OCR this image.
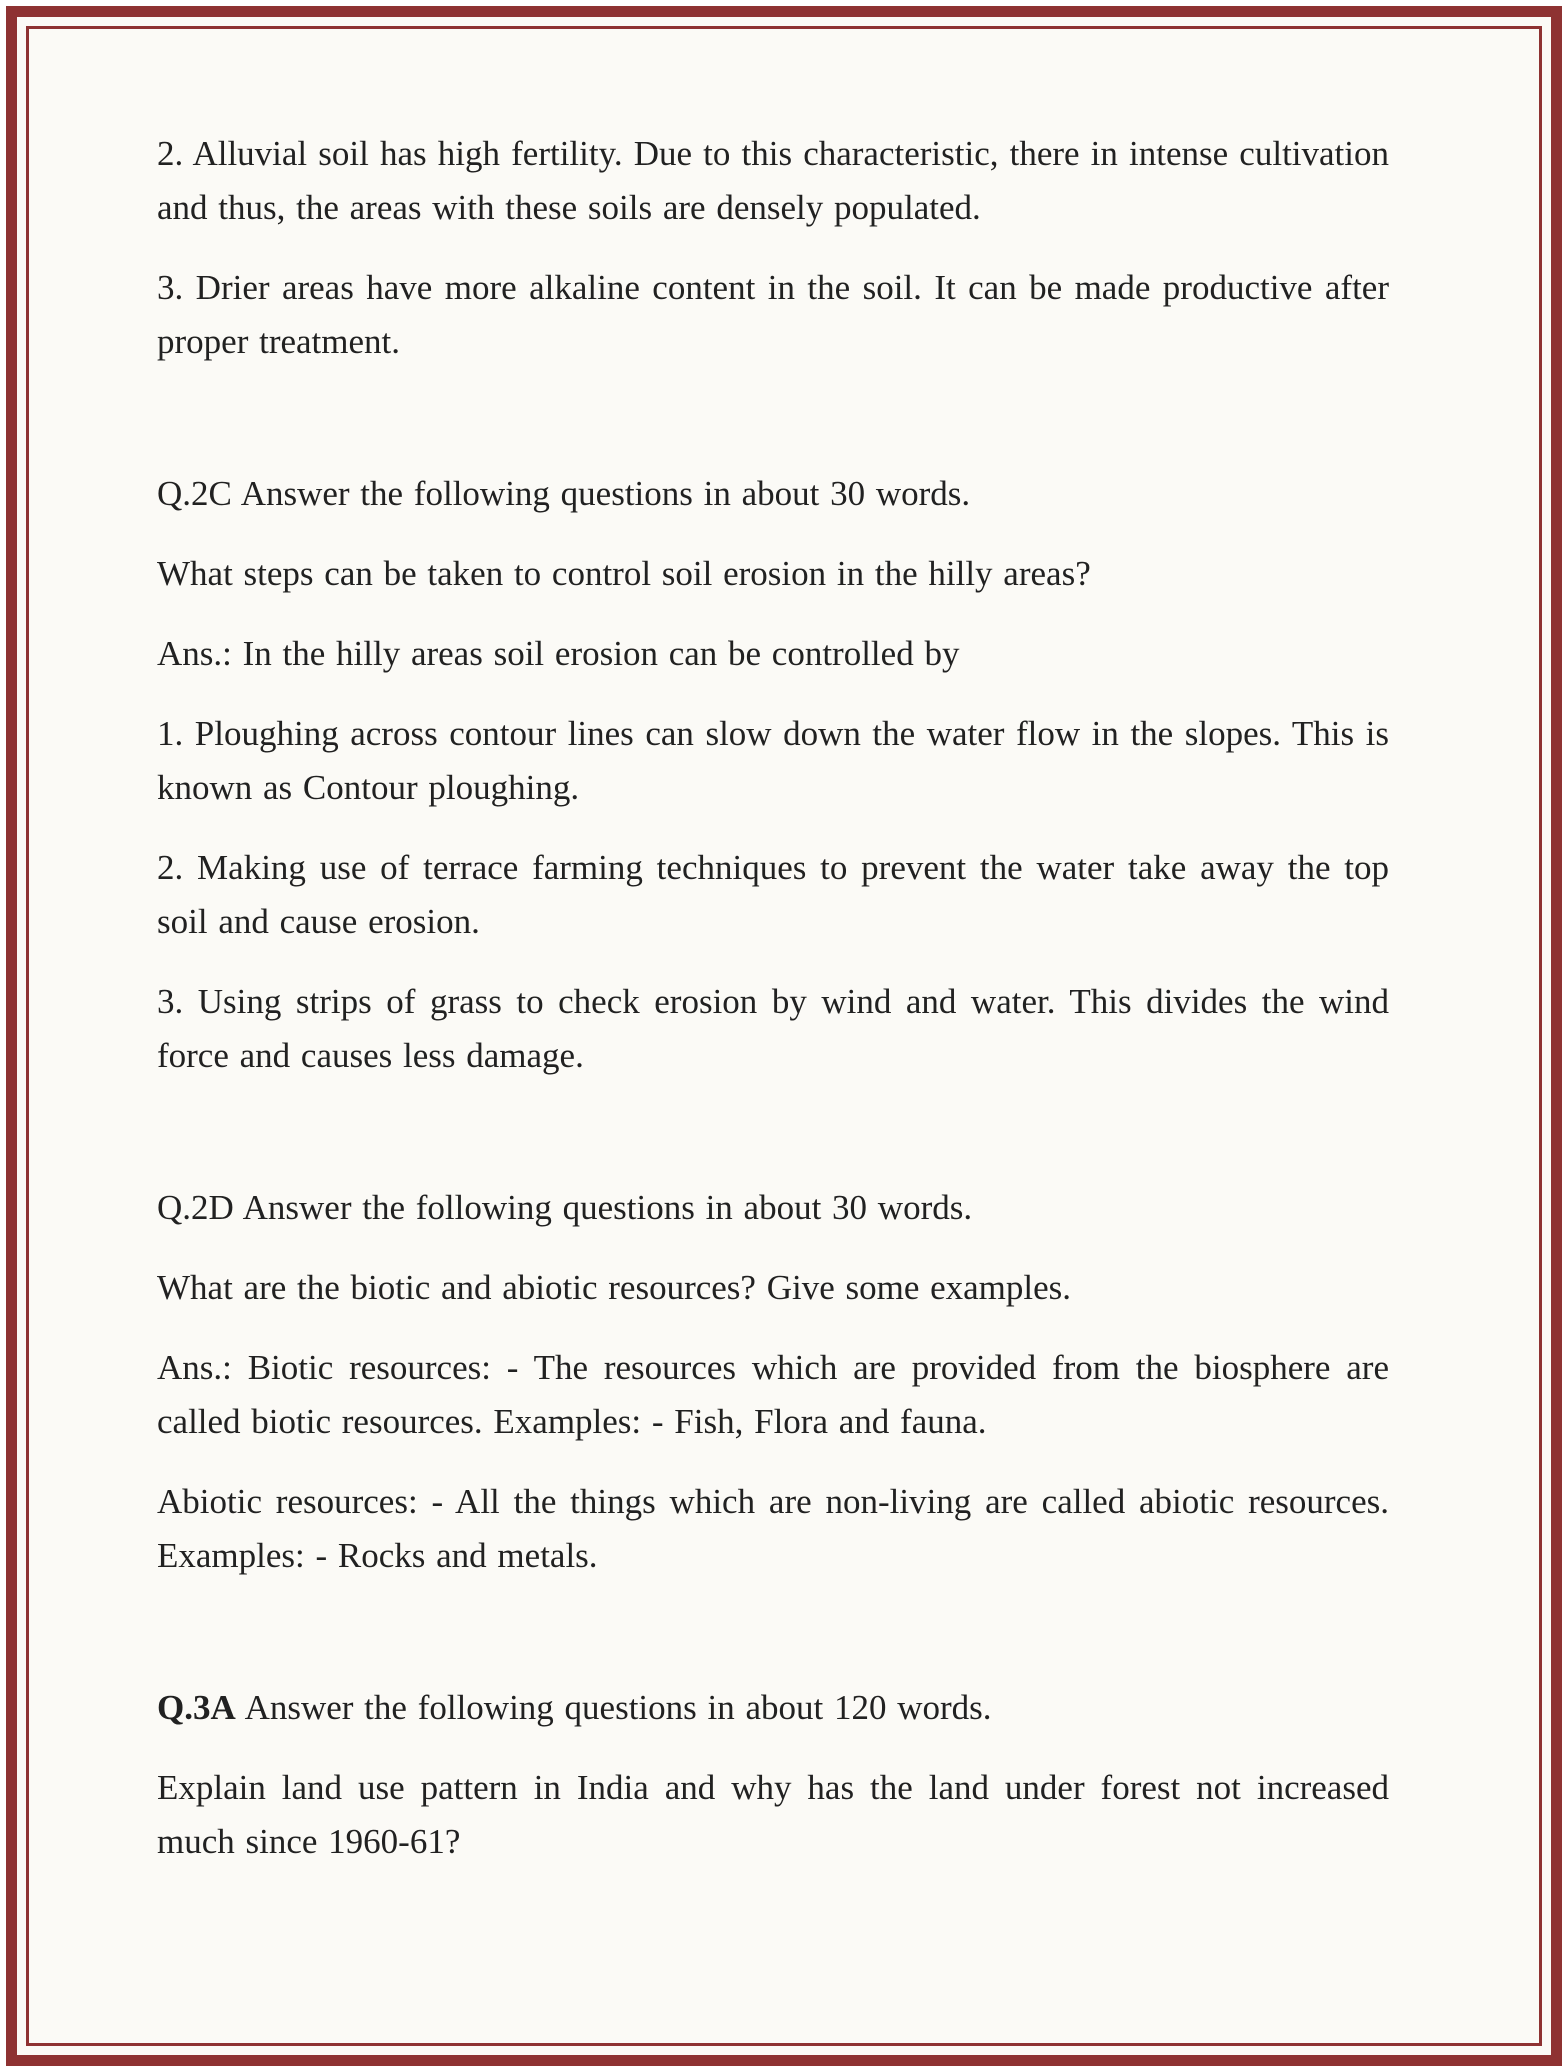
2. Alluvial soil has high fertility. Due to this characteristic, there in intense cultivation and thus, the areas with these soils are densely populated.

3. Drier areas have more alkaline content in the soil. It can be made productive after proper treatment.

Q.2C Answer the following questions in about 30 words.

What steps can be taken to control soil erosion in the hilly areas?

Ans.: In the hilly areas soil erosion can be controlled by

1. Ploughing across contour lines can slow down the water flow in the slopes. This is known as Contour ploughing.

2. Making use of terrace farming techniques to prevent the water take away the top soil and cause erosion.

3. Using strips of grass to check erosion by wind and water. This divides the wind force and causes less damage.

Q.2D Answer the following questions in about 30 words.

What are the biotic and abiotic resources? Give some examples.

Ans.: Biotic resources: - The resources which are provided from the biosphere are called biotic resources. Examples: - Fish, Flora and fauna.

Abiotic resources: - All the things which are non-living are called abiotic resources. Examples: - Rocks and metals.

Q.3A Answer the following questions in about 120 words.

Explain land use pattern in India and why has the land under forest not increased much since 1960-61?
